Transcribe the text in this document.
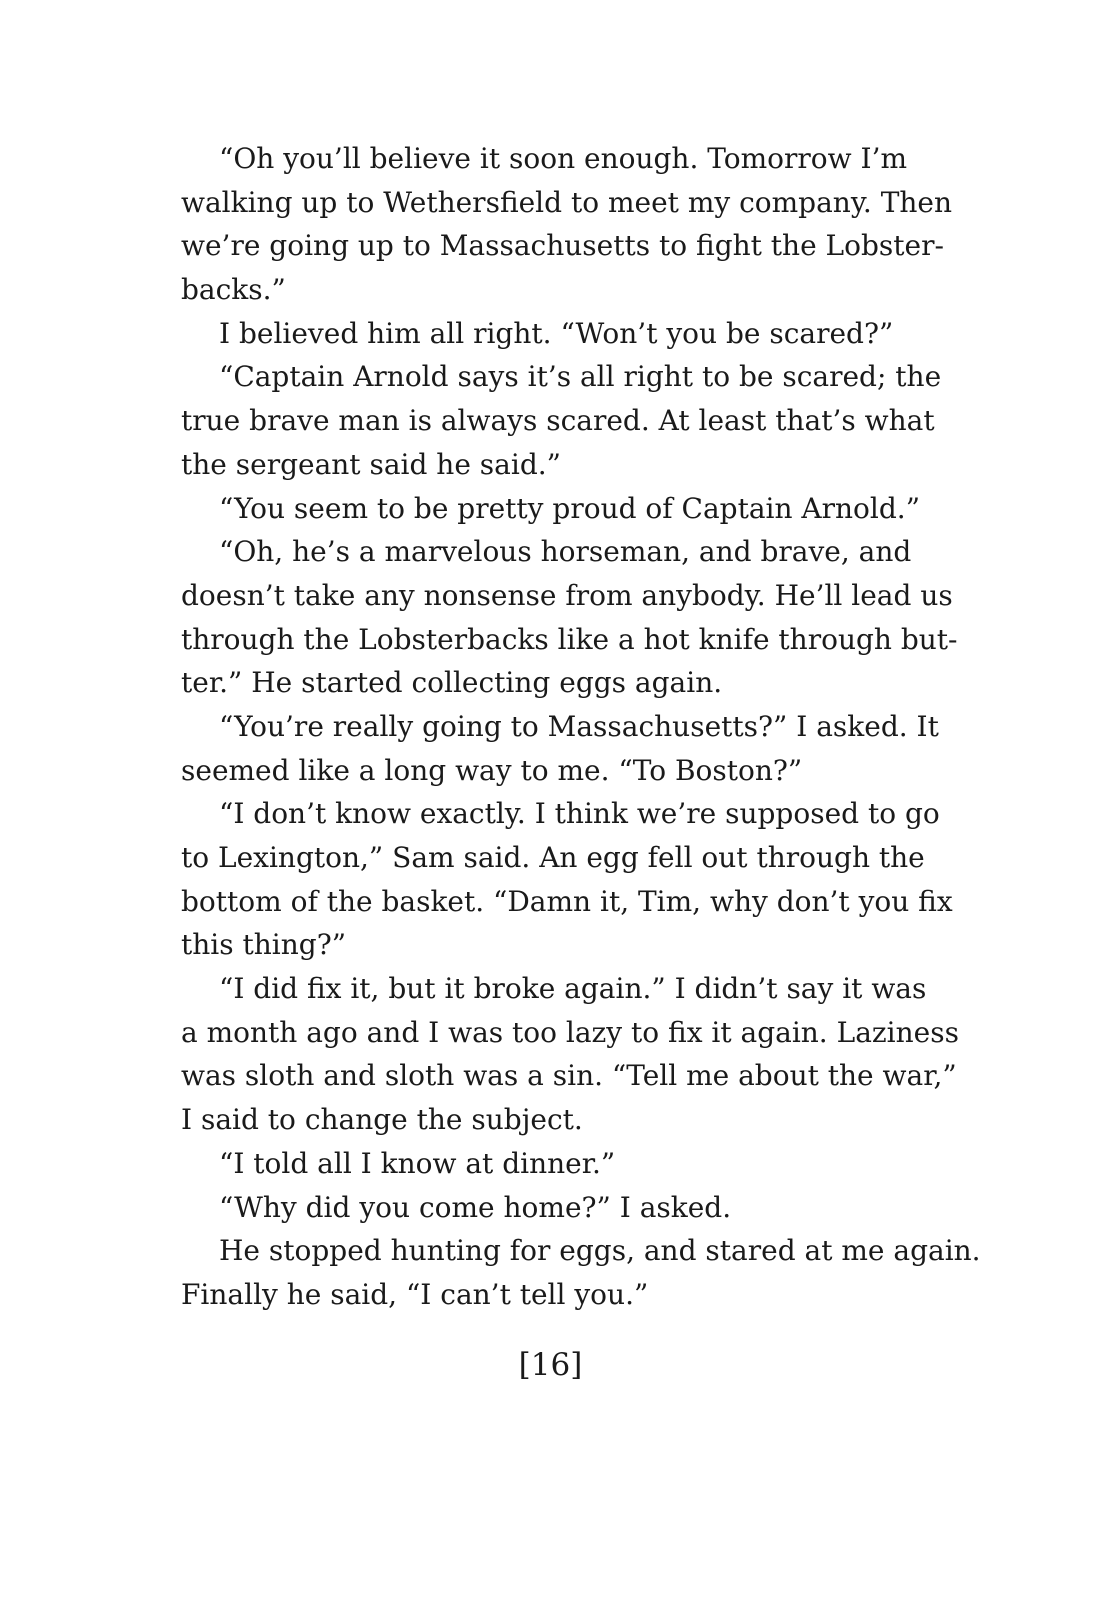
“Oh you’ll believe it soon enough. Tomorrow I’m
walking up to Wethersfield to meet my company. Then
we’re going up to Massachusetts to fight the Lobster-
backs.”
I believed him all right. “Won’t you be scared?”
“Captain Arnold says it’s all right to be scared; the
true brave man is always scared. At least that’s what
the sergeant said he said.”
“You seem to be pretty proud of Captain Arnold.”
“Oh, he’s a marvelous horseman, and brave, and
doesn’t take any nonsense from anybody. He’ll lead us
through the Lobsterbacks like a hot knife through but-
ter.” He started collecting eggs again.
“You’re really going to Massachusetts?” I asked. It
seemed like a long way to me. “To Boston?”
“I don’t know exactly. I think we’re supposed to go
to Lexington,” Sam said. An egg fell out through the
bottom of the basket. “Damn it, Tim, why don’t you fix
this thing?”
“I did fix it, but it broke again.” I didn’t say it was
a month ago and I was too lazy to fix it again. Laziness
was sloth and sloth was a sin. “Tell me about the war,”
I said to change the subject.
“I told all I know at dinner.”
“Why did you come home?” I asked.
He stopped hunting for eggs, and stared at me again.
Finally he said, “I can’t tell you.”
[16]
